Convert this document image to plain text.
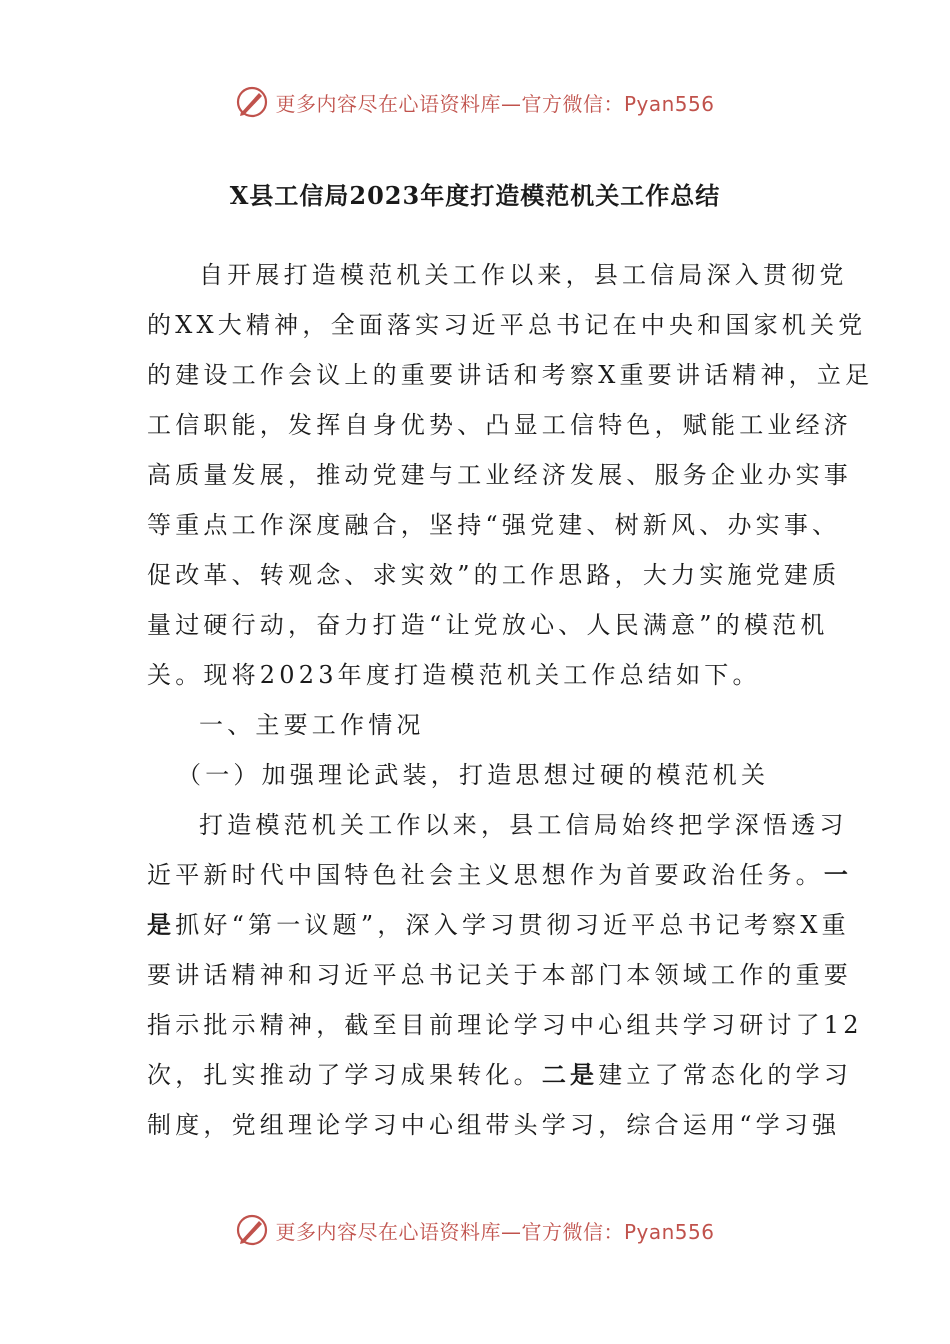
更多内容尽在心语资料库—官方微信：Pyan556
X县工信局2023年度打造模范机关工作总结
自开展打造模范机关工作以来，县工信局深入贯彻党
的XX大精神，全面落实习近平总书记在中央和国家机关党
的建设工作会议上的重要讲话和考察X重要讲话精神，立足
工信职能，发挥自身优势、凸显工信特色，赋能工业经济
高质量发展，推动党建与工业经济发展、服务企业办实事
等重点工作深度融合，坚持“强党建、树新风、办实事、
促改革、转观念、求实效”的工作思路，大力实施党建质
量过硬行动，奋力打造“让党放心、人民满意”的模范机
关。现将2023年度打造模范机关工作总结如下。
一、主要工作情况
（一）加强理论武装，打造思想过硬的模范机关
打造模范机关工作以来，县工信局始终把学深悟透习
近平新时代中国特色社会主义思想作为首要政治任务。一
是抓好“第一议题”，深入学习贯彻习近平总书记考察X重
要讲话精神和习近平总书记关于本部门本领域工作的重要
指示批示精神，截至目前理论学习中心组共学习研讨了12
次，扎实推动了学习成果转化。二是建立了常态化的学习
制度，党组理论学习中心组带头学习，综合运用“学习强
更多内容尽在心语资料库—官方微信：Pyan556
